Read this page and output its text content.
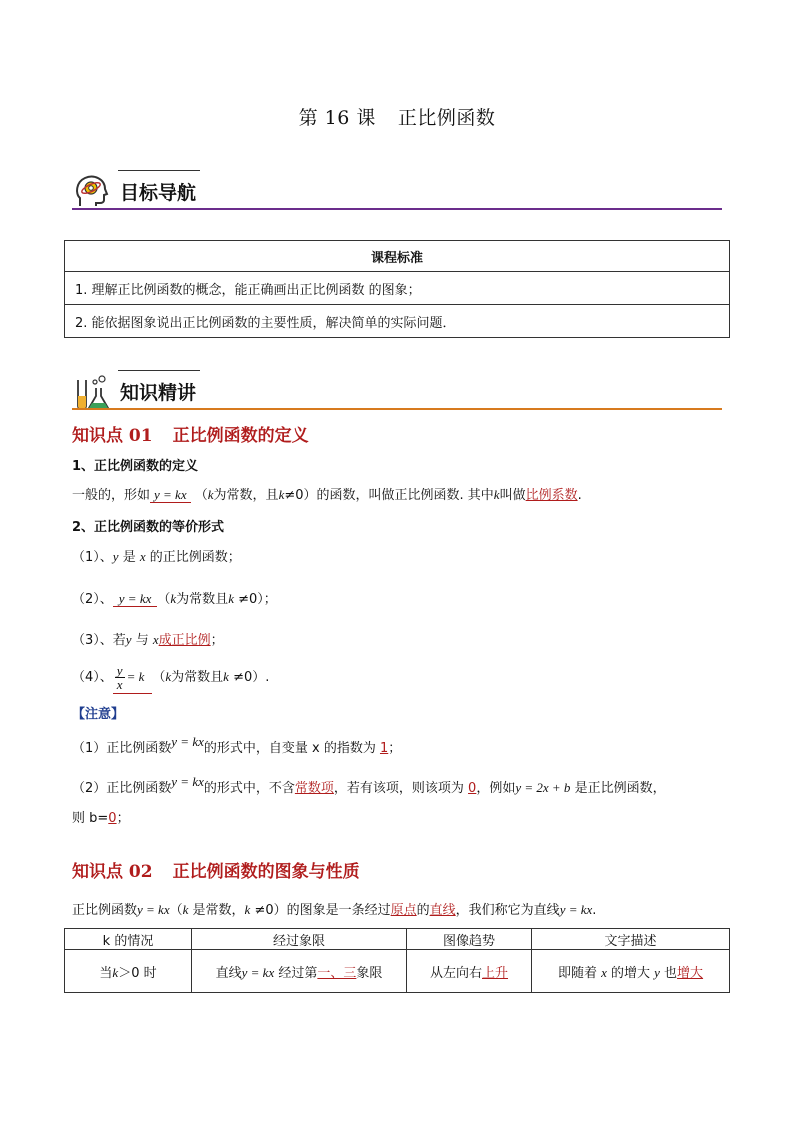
第 16 课 正比例函数
目标导航
课程标准
1. 理解正比例函数的概念，能正确画出正比例函数 的图象；
2. 能依据图象说出正比例函数的主要性质，解决简单的实际问题．
知识精讲
知识点 01 正比例函数的定义
1、正比例函数的定义
一般的，形如 y = kx （k为常数，且k≠0）的函数，叫做正比例函数. 其中k叫做比例系数.
2、正比例函数的等价形式
（1）、y 是 x 的正比例函数；
（2）、 y = kx （k为常数且k ≠0）；
（3）、若y 与 x成正比例；
（4）、 $\frac{y}{x} = k$ （k为常数且k ≠0）.
【注意】
（1）正比例函数y = kx的形式中，自变量 x 的指数为 1；
（2）正比例函数y = kx的形式中，不含常数项，若有该项，则该项为 0，例如y = 2x + b 是正比例函数，
则 b=0；
知识点 02 正比例函数的图象与性质
正比例函数y = kx（k 是常数，k ≠0）的图象是一条经过原点的直线，我们称它为直线y = kx.
k 的情况	经过象限	图像趋势	文字描述
当k＞0 时	直线y = kx 经过第一、三象限	从左向右上升	即随着 x 的增大 y 也增大
